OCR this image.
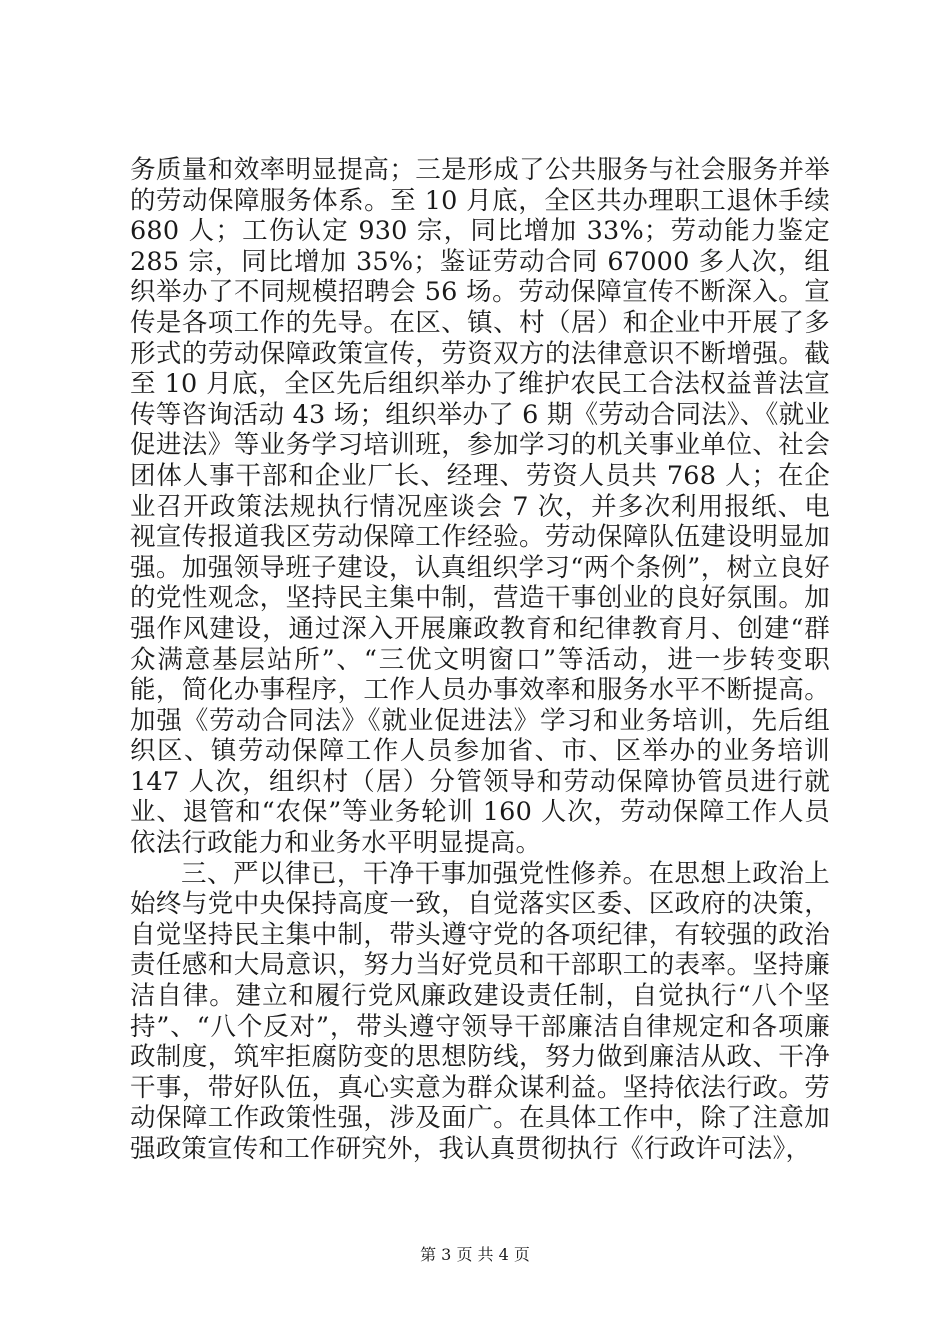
务质量和效率明显提高；三是形成了公共服务与社会服务并举的劳动保障服务体系。至 10 月底，全区共办理职工退休手续 680 人；工伤认定 930 宗，同比增加 33%；劳动能力鉴定 285 宗，同比增加 35%；鉴证劳动合同 67000 多人次，组织举办了不同规模招聘会 56 场。劳动保障宣传不断深入。宣传是各项工作的先导。在区、镇、村（居）和企业中开展了多形式的劳动保障政策宣传，劳资双方的法律意识不断增强。截至 10 月底，全区先后组织举办了维护农民工合法权益普法宣传等咨询活动 43 场；组织举办了 6 期《劳动合同法》、《就业促进法》等业务学习培训班，参加学习的机关事业单位、社会团体人事干部和企业厂长、经理、劳资人员共 768 人；在企业召开政策法规执行情况座谈会 7 次，并多次利用报纸、电视宣传报道我区劳动保障工作经验。劳动保障队伍建设明显加强。加强领导班子建设，认真组织学习“两个条例”，树立良好的党性观念，坚持民主集中制，营造干事创业的良好氛围。加强作风建设，通过深入开展廉政教育和纪律教育月、创建“群众满意基层站所”、“三优文明窗口”等活动，进一步转变职能，简化办事程序，工作人员办事效率和服务水平不断提高。加强《劳动合同法》《就业促进法》学习和业务培训，先后组织区、镇劳动保障工作人员参加省、市、区举办的业务培训 147 人次，组织村（居）分管领导和劳动保障协管员进行就业、退管和“农保”等业务轮训 160 人次，劳动保障工作人员依法行政能力和业务水平明显提高。

三、严以律已，干净干事加强党性修养。在思想上政治上始终与党中央保持高度一致，自觉落实区委、区政府的决策，自觉坚持民主集中制，带头遵守党的各项纪律，有较强的政治责任感和大局意识，努力当好党员和干部职工的表率。坚持廉洁自律。建立和履行党风廉政建设责任制，自觉执行“八个坚持”、“八个反对”，带头遵守领导干部廉洁自律规定和各项廉政制度，筑牢拒腐防变的思想防线，努力做到廉洁从政、干净干事，带好队伍，真心实意为群众谋利益。坚持依法行政。劳动保障工作政策性强，涉及面广。在具体工作中，除了注意加强政策宣传和工作研究外，我认真贯彻执行《行政许可法》，

第 3 页 共 4 页
